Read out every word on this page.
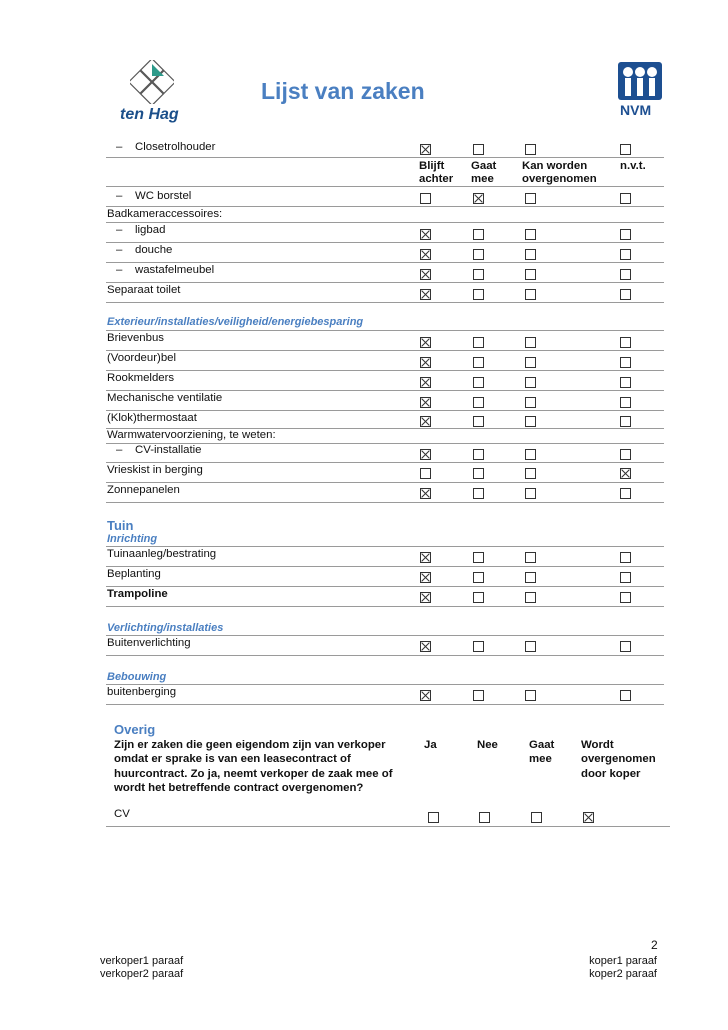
ten Hag
Lijst van zaken
NVM
–    Closetrolhouder
Blijft achter
Gaat mee
Kan worden overgenomen
n.v.t.
–    WC borstel
Badkameraccessoires:
–    ligbad
–    douche
–    wastafelmeubel
Separaat toilet
Exterieur/installaties/veiligheid/energiebesparing
Brievenbus
(Voordeur)bel
Rookmelders
Mechanische ventilatie
(Klok)thermostaat
Warmwatervoorziening, te weten:
–    CV-installatie
Vrieskist in berging
Zonnepanelen
Tuin
Inrichting
Tuinaanleg/bestrating
Beplanting
Trampoline
Verlichting/installaties
Buitenverlichting
Bebouwing
buitenberging
Overig
Zijn er zaken die geen eigendom zijn van verkoper omdat er sprake is van een leasecontract of huurcontract. Zo ja, neemt verkoper de zaak mee of wordt het betreffende contract overgenomen?
Ja	Nee	Gaat mee
Wordt overgenomen door koper
CV
2
verkoper1 paraaf
verkoper2 paraaf
koper1 paraaf
koper2 paraaf
